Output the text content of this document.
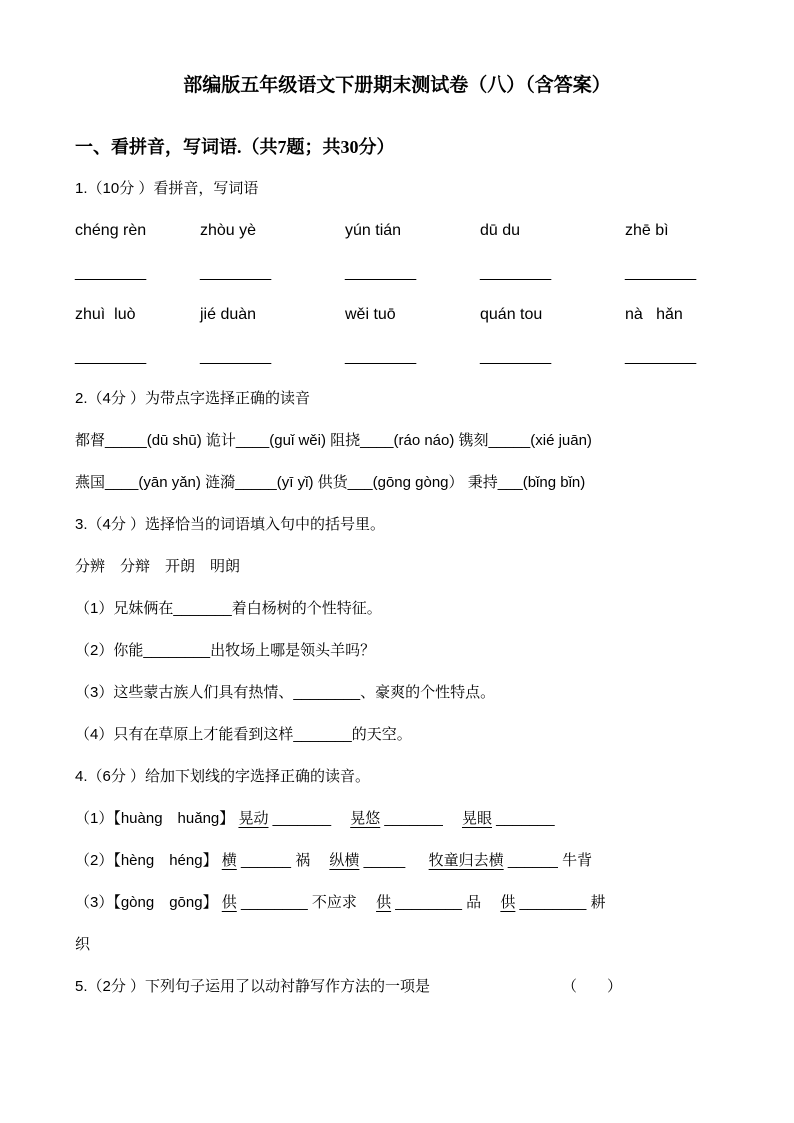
部编版五年级语文下册期末测试卷（八）（含答案）
一、看拼音，写词语.（共7题；共30分）

1.（10分 ）看拼音，写词语

chéng rèn	zhòu yè	yún tián	dū du	zhē bì
________	________	________	________	________
zhuì  luò	jié duàn	wěi tuō	quán tou	nà   hǎn
________	________	________	________	________

2.（4分 ）为带点字选择正确的读音

都督_____(dū shū) 诡计____(guǐ wěi) 阻挠____(ráo náo) 镌刻_____(xié juān)

燕国____(yān yǎn) 涟漪_____(yī yǐ) 供货___(gōng gòng） 秉持___(bǐng bǐn)

3.（4分 ）选择恰当的词语填入句中的括号里。

分辨　分辩　开朗　明朗

（1）兄妹俩在_______着白杨树的个性特征。

（2）你能________出牧场上哪是领头羊吗？

（3）这些蒙古族人们具有热情、________、豪爽的个性特点。

（4）只有在草原上才能看到这样_______的天空。

4.（6分 ）给加下划线的字选择正确的读音。

（1）【huàng　huǎng】 晃动 _______　 晃悠 _______　 晃眼 _______

（2）【hèng　héng】 横 ______ 祸　 纵横 _____ 　 牧童归去横 ______ 牛背

（3）【gòng　gōng】 供 ________ 不应求　 供 ________ 品　 供 ________ 耕

织

5.（2分 ）下列句子运用了以动衬静写作方法的一项是	（　　）
